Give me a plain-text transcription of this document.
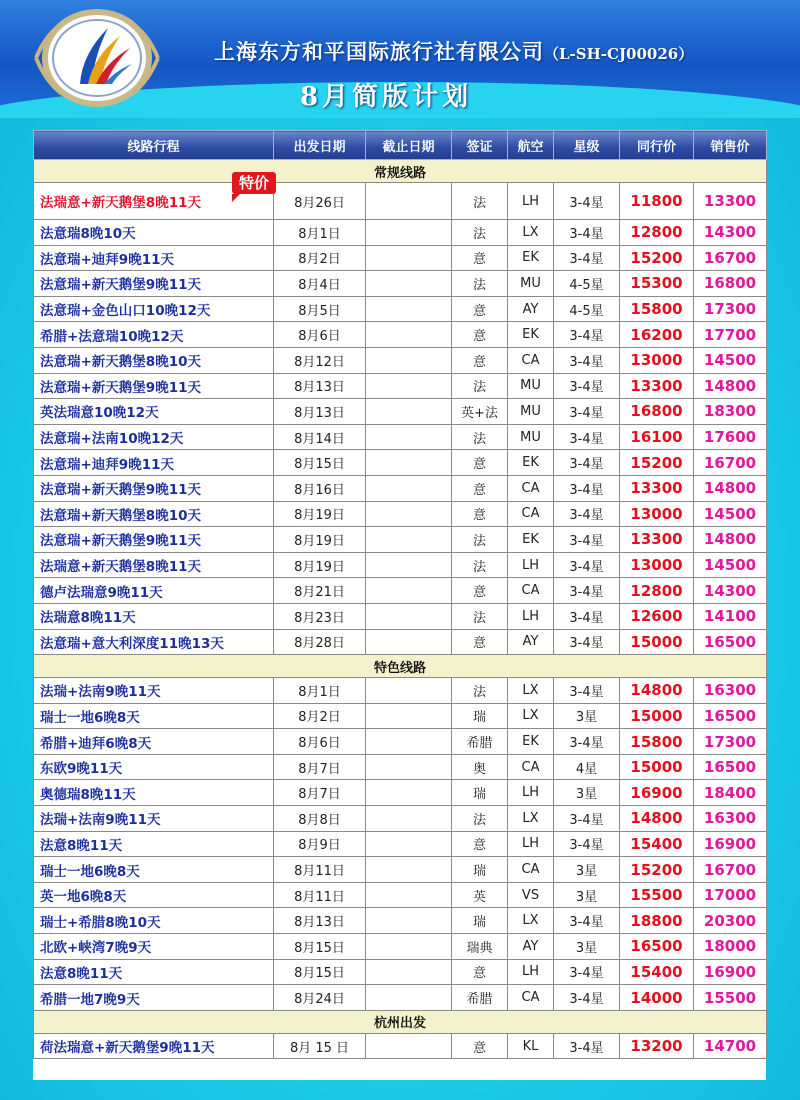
上海东方和平国际旅行社有限公司（L-SH-CJ00026）
8月简版计划
线路行程	出发日期	截止日期	签证	航空	星级	同行价	销售价
常规线路							
法瑞意+新天鹅堡8晚11天	8月26日		法	LH	3-4星	11800	13300
法意瑞8晚10天	8月1日		法	LX	3-4星	12800	14300
法意瑞+迪拜9晚11天	8月2日		意	EK	3-4星	15200	16700
法意瑞+新天鹅堡9晚11天	8月4日		法	MU	4-5星	15300	16800
法意瑞+金色山口10晚12天	8月5日		意	AY	4-5星	15800	17300
希腊+法意瑞10晚12天	8月6日		意	EK	3-4星	16200	17700
法意瑞+新天鹅堡8晚10天	8月12日		意	CA	3-4星	13000	14500
法意瑞+新天鹅堡9晚11天	8月13日		法	MU	3-4星	13300	14800
英法瑞意10晚12天	8月13日		英+法	MU	3-4星	16800	18300
法意瑞+法南10晚12天	8月14日		法	MU	3-4星	16100	17600
法意瑞+迪拜9晚11天	8月15日		意	EK	3-4星	15200	16700
法意瑞+新天鹅堡9晚11天	8月16日		意	CA	3-4星	13300	14800
法意瑞+新天鹅堡8晚10天	8月19日		意	CA	3-4星	13000	14500
法意瑞+新天鹅堡9晚11天	8月19日		法	EK	3-4星	13300	14800
法瑞意+新天鹅堡8晚11天	8月19日		法	LH	3-4星	13000	14500
德卢法瑞意9晚11天	8月21日		意	CA	3-4星	12800	14300
法瑞意8晚11天	8月23日		法	LH	3-4星	12600	14100
法意瑞+意大利深度11晚13天	8月28日		意	AY	3-4星	15000	16500
特色线路							
法瑞+法南9晚11天	8月1日		法	LX	3-4星	14800	16300
瑞士一地6晚8天	8月2日		瑞	LX	3星	15000	16500
希腊+迪拜6晚8天	8月6日		希腊	EK	3-4星	15800	17300
东欧9晚11天	8月7日		奥	CA	4星	15000	16500
奥德瑞8晚11天	8月7日		瑞	LH	3星	16900	18400
法瑞+法南9晚11天	8月8日		法	LX	3-4星	14800	16300
法意8晚11天	8月9日		意	LH	3-4星	15400	16900
瑞士一地6晚8天	8月11日		瑞	CA	3星	15200	16700
英一地6晚8天	8月11日		英	VS	3星	15500	17000
瑞士+希腊8晚10天	8月13日		瑞	LX	3-4星	18800	20300
北欧+峡湾7晚9天	8月15日		瑞典	AY	3星	16500	18000
法意8晚11天	8月15日		意	LH	3-4星	15400	16900
希腊一地7晚9天	8月24日		希腊	CA	3-4星	14000	15500
杭州出发							
荷法瑞意+新天鹅堡9晚11天	8月 15 日		意	KL	3-4星	13200	14700
特价
